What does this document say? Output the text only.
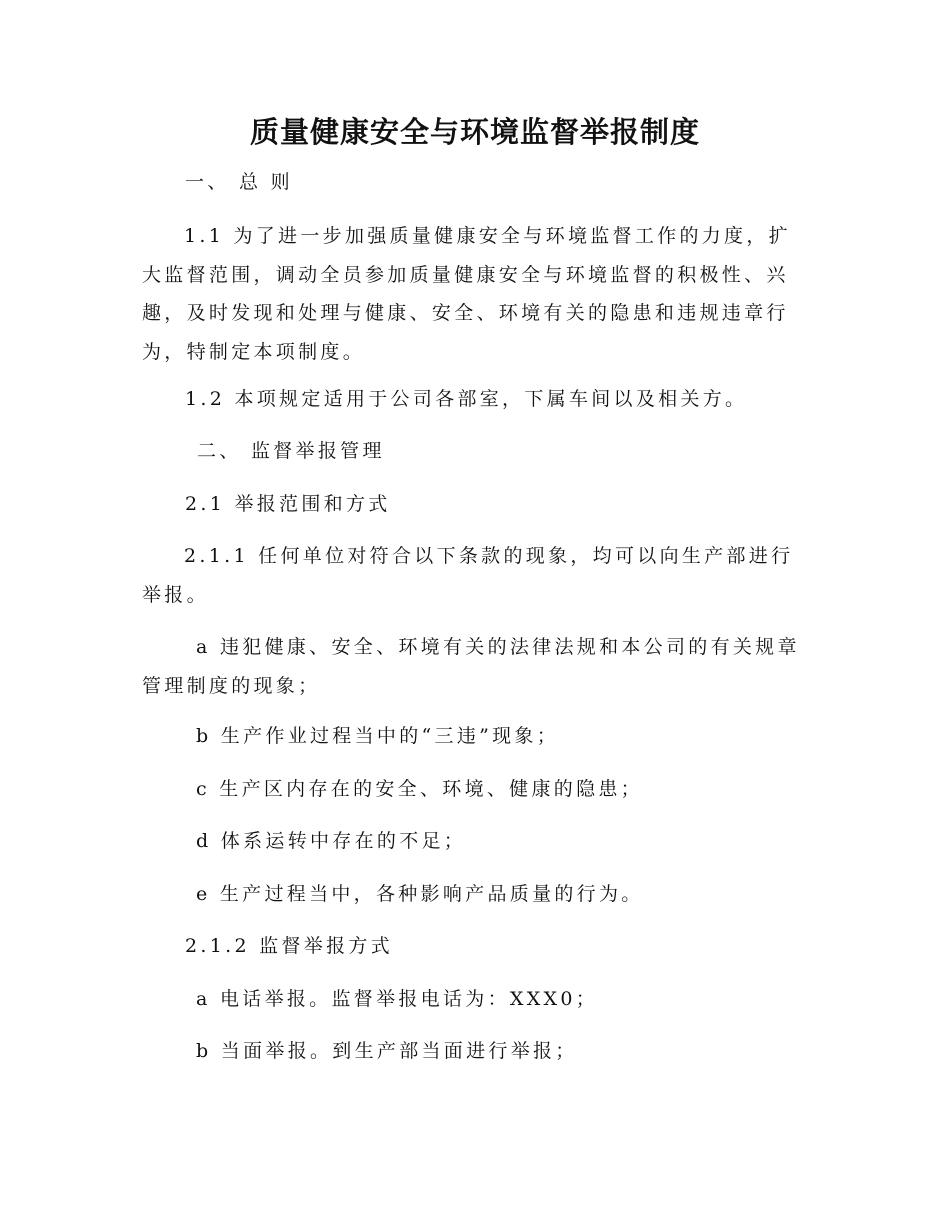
质量健康安全与环境监督举报制度
一、 总 则
1.1 为了进一步加强质量健康安全与环境监督工作的力度，扩大监督范围，调动全员参加质量健康安全与环境监督的积极性、兴趣，及时发现和处理与健康、安全、环境有关的隐患和违规违章行为，特制定本项制度。
1.2 本项规定适用于公司各部室，下属车间以及相关方。
二、 监督举报管理
2.1 举报范围和方式
2.1.1 任何单位对符合以下条款的现象，均可以向生产部进行举报。
a 违犯健康、安全、环境有关的法律法规和本公司的有关规章管理制度的现象；
b 生产作业过程当中的“三违”现象；
c 生产区内存在的安全、环境、健康的隐患；
d 体系运转中存在的不足；
e 生产过程当中，各种影响产品质量的行为。
2.1.2 监督举报方式
a 电话举报。监督举报电话为：XXX0；
b 当面举报。到生产部当面进行举报；
